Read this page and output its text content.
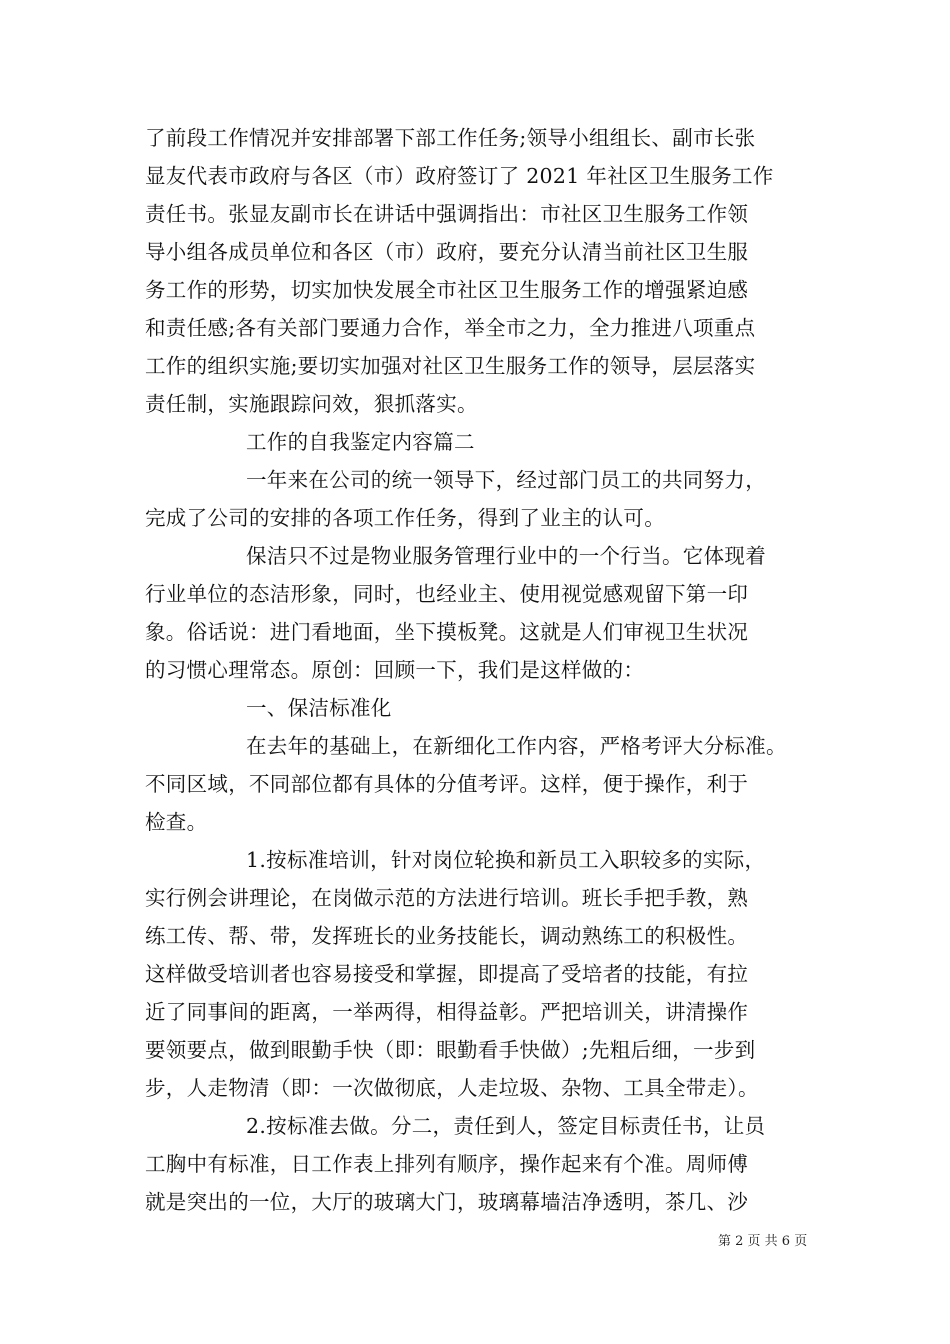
了前段工作情况并安排部署下部工作任务;领导小组组长、副市长张
显友代表市政府与各区（市）政府签订了 2021 年社区卫生服务工作
责任书。张显友副市长在讲话中强调指出：市社区卫生服务工作领
导小组各成员单位和各区（市）政府，要充分认清当前社区卫生服
务工作的形势，切实加快发展全市社区卫生服务工作的增强紧迫感
和责任感;各有关部门要通力合作，举全市之力，全力推进八项重点
工作的组织实施;要切实加强对社区卫生服务工作的领导，层层落实
责任制，实施跟踪问效，狠抓落实。
工作的自我鉴定内容篇二
一年来在公司的统一领导下，经过部门员工的共同努力，
完成了公司的安排的各项工作任务，得到了业主的认可。
保洁只不过是物业服务管理行业中的一个行当。它体现着
行业单位的态洁形象，同时，也经业主、使用视觉感观留下第一印
象。俗话说：进门看地面，坐下摸板凳。这就是人们审视卫生状况
的习惯心理常态。原创：回顾一下，我们是这样做的：
一、保洁标准化
在去年的基础上，在新细化工作内容，严格考评大分标准。
不同区域，不同部位都有具体的分值考评。这样，便于操作，利于
检查。
1.按标准培训，针对岗位轮换和新员工入职较多的实际，
实行例会讲理论，在岗做示范的方法进行培训。班长手把手教，熟
练工传、帮、带，发挥班长的业务技能长，调动熟练工的积极性。
这样做受培训者也容易接受和掌握，即提高了受培者的技能，有拉
近了同事间的距离，一举两得，相得益彰。严把培训关，讲清操作
要领要点，做到眼勤手快（即：眼勤看手快做）;先粗后细，一步到
步，人走物清（即：一次做彻底，人走垃圾、杂物、工具全带走）。
2.按标准去做。分二，责任到人，签定目标责任书，让员
工胸中有标准，日工作表上排列有顺序，操作起来有个准。周师傅
就是突出的一位，大厅的玻璃大门，玻璃幕墙洁净透明，茶几、沙
第 2 页 共 6 页
